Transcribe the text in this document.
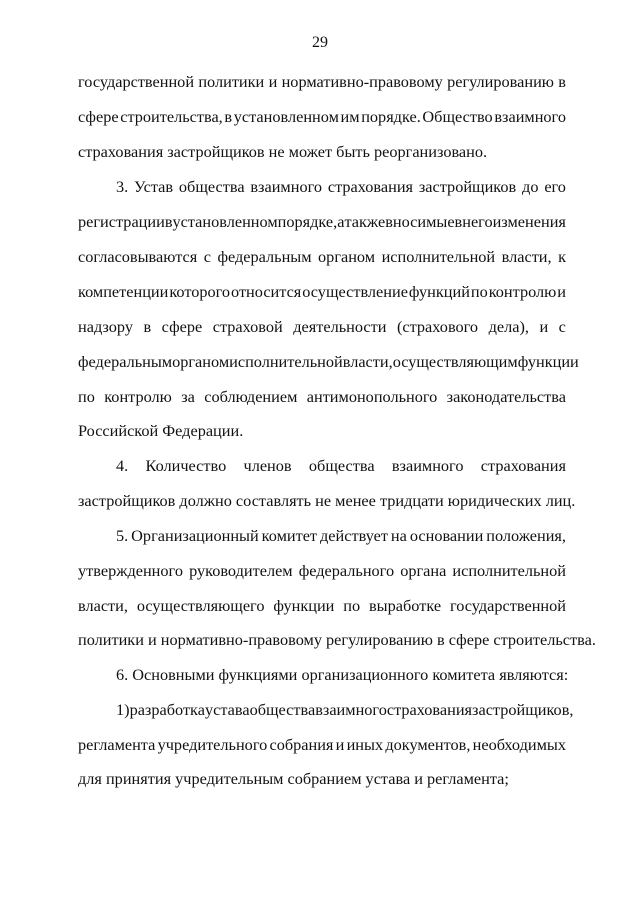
29
государственной политики и нормативно-правовому регулированию в
сфере строительства, в установленном им порядке. Общество взаимного
страхования застройщиков не может быть реорганизовано.
3. Устав общества взаимного страхования застройщиков до его
регистрации в установленном порядке, а также вносимые в него изменения
согласовываются с федеральным органом исполнительной власти, к
компетенции которого относится осуществление функций по контролю и
надзору в сфере страховой деятельности (страхового дела), и с
федеральным органом исполнительной власти, осуществляющим функции
по контролю за соблюдением антимонопольного законодательства
Российской Федерации.
4. Количество членов общества взаимного страхования
застройщиков должно составлять не менее тридцати юридических лиц.
5. Организационный комитет действует на основании положения,
утвержденного руководителем федерального органа исполнительной
власти, осуществляющего функции по выработке государственной
политики и нормативно-правовому регулированию в сфере строительства.
6. Основными функциями организационного комитета являются:
1) разработка устава общества взаимного страхования застройщиков,
регламента учредительного собрания и иных документов, необходимых
для принятия учредительным собранием устава и регламента;
